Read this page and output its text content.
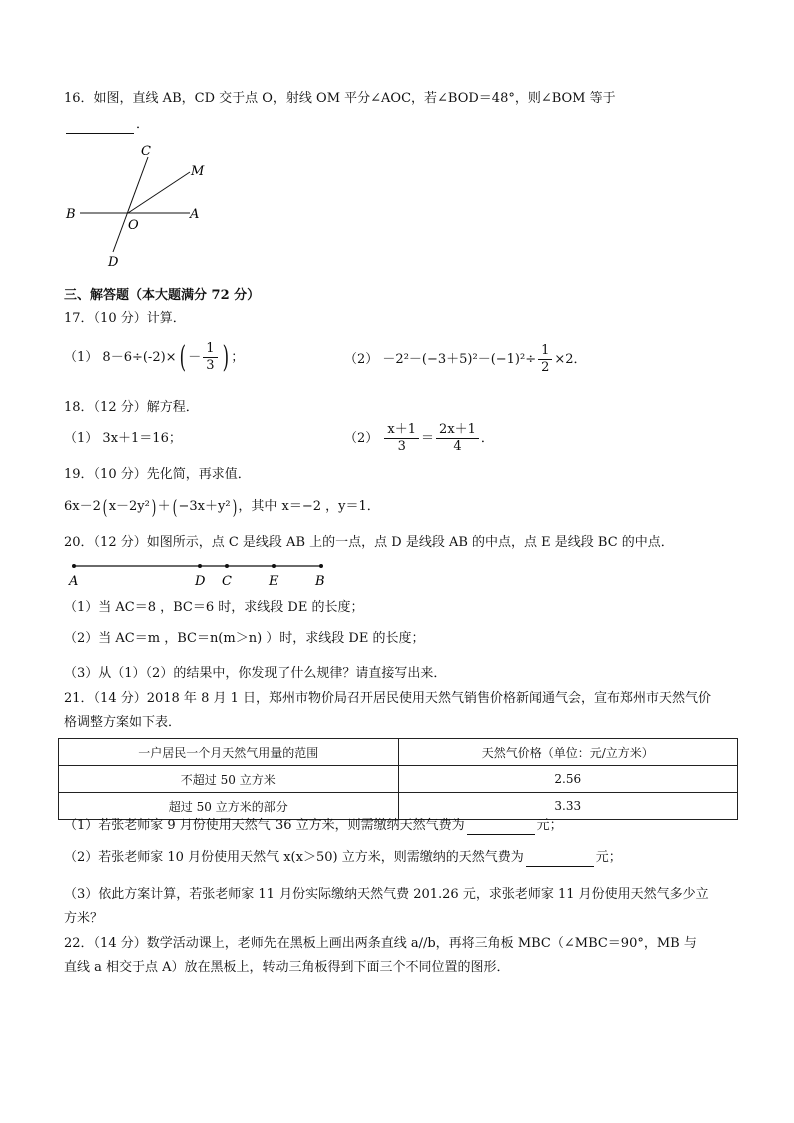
16．如图，直线 AB，CD 交于点 O，射线 OM 平分∠AOC，若∠BOD＝48°，则∠BOM 等于
．
C
M
B
O
A
D
三、解答题（本大题满分 72 分）
17．（10 分）计算．
（1） $8-6\div(-2)\times( - \frac{1}{3}$ ) ；	$(2) -2^2-(-3+5)^2-(-1)^2\div \frac{1}{2} \times 2$．
18．（12 分）解方程．
（1） 3x＋1＝16；	$(2) \frac{x+1}{3} = \frac{2x+1}{4}$ ．
19．（10 分）先化简，再求值．
6x－2( x－2y²) ＋( −3x＋y²) ，其中 x＝−2 ，y＝1．
20．（12 分）如图所示，点 C 是线段 AB 上的一点，点 D 是线段 AB 的中点，点 E 是线段 BC 的中点．
A	D C	E	B
（1）当 AC＝8 ，BC＝6 时，求线段 DE 的长度；
（2）当 AC＝m ，BC＝n(m＞n) ）时，求线段 DE 的长度；
（3）从（1）（2）的结果中，你发现了什么规律？请直接写出来．
21．（14 分）2018 年 8 月 1 日，郑州市物价局召开居民使用天然气销售价格新闻通气会，宣布郑州市天然气价
格调整方案如下表．
一户居民一个月天然气用量的范围	天然气价格（单位：元/立方米）
不超过 50 立方米	2.56
超过 50 立方米的部分	3.33
（1）若张老师家 9 月份使用天然气 36 立方米，则需缴纳天然气费为	元；
（2）若张老师家 10 月份使用天然气 x(x＞50) 立方米，则需缴纳的天然气费为	元；
（3）依此方案计算，若张老师家 11 月份实际缴纳天然气费 201.26 元，求张老师家 11 月份使用天然气多少立
方米？
22．（14 分）数学活动课上，老师先在黑板上画出两条直线 a//b，再将三角板 MBC（∠MBC＝90°，MB 与
直线 a 相交于点 A）放在黑板上，转动三角板得到下面三个不同位置的图形．
